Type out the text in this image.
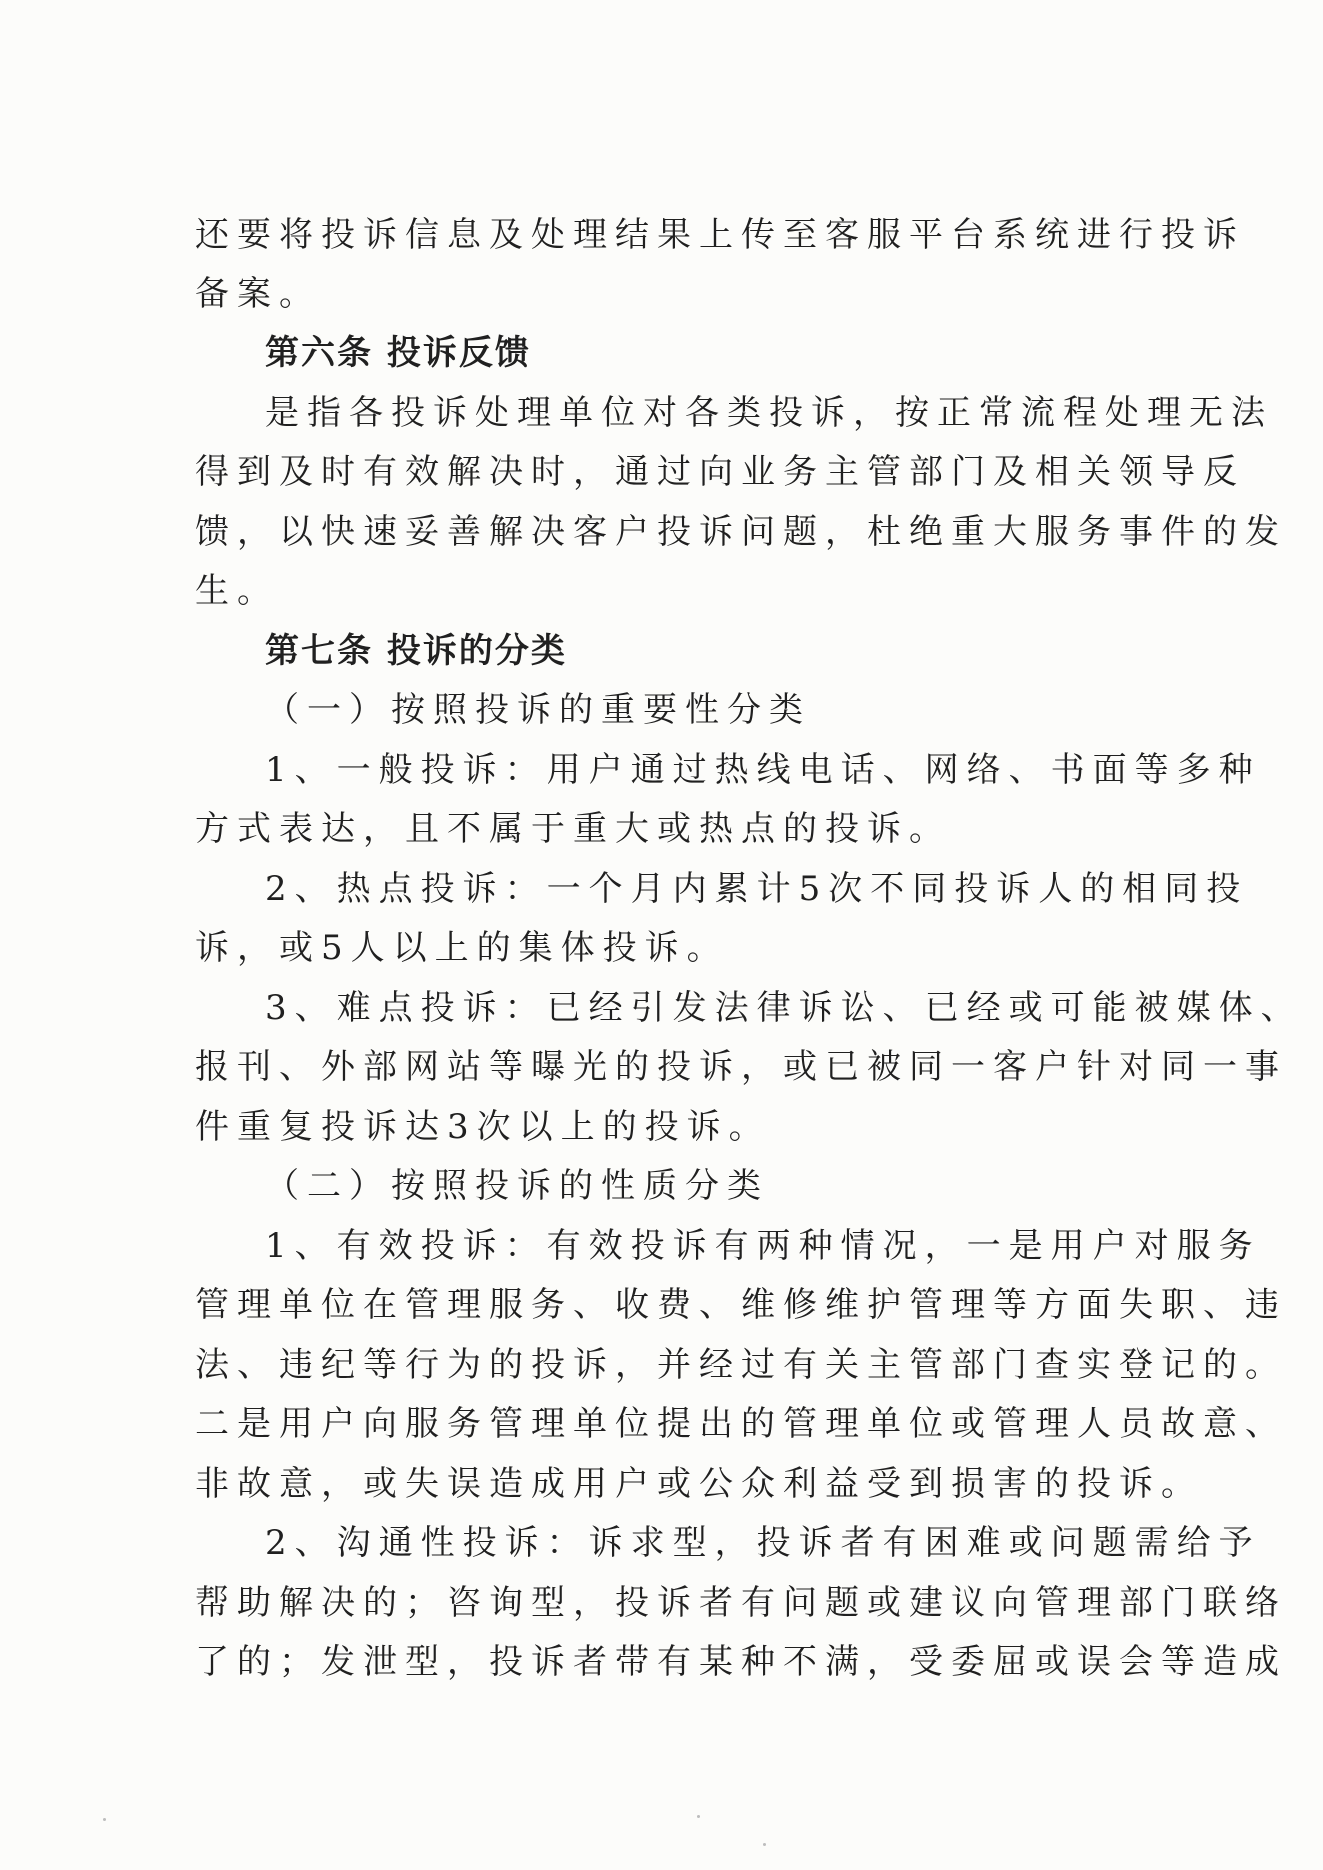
还要将投诉信息及处理结果上传至客服平台系统进行投诉
备案。
第六条 投诉反馈
是指各投诉处理单位对各类投诉，按正常流程处理无法
得到及时有效解决时，通过向业务主管部门及相关领导反
馈，以快速妥善解决客户投诉问题，杜绝重大服务事件的发
生。
第七条 投诉的分类
（一）按照投诉的重要性分类
1、一般投诉：用户通过热线电话、网络、书面等多种
方式表达，且不属于重大或热点的投诉。
2、热点投诉：一个月内累计5次不同投诉人的相同投
诉，或5人以上的集体投诉。
3、难点投诉：已经引发法律诉讼、已经或可能被媒体、
报刊、外部网站等曝光的投诉，或已被同一客户针对同一事
件重复投诉达3次以上的投诉。
（二）按照投诉的性质分类
1、有效投诉：有效投诉有两种情况，一是用户对服务
管理单位在管理服务、收费、维修维护管理等方面失职、违
法、违纪等行为的投诉，并经过有关主管部门查实登记的。
二是用户向服务管理单位提出的管理单位或管理人员故意、
非故意，或失误造成用户或公众利益受到损害的投诉。
2、沟通性投诉：诉求型，投诉者有困难或问题需给予
帮助解决的；咨询型，投诉者有问题或建议向管理部门联络
了的；发泄型，投诉者带有某种不满，受委屈或误会等造成
